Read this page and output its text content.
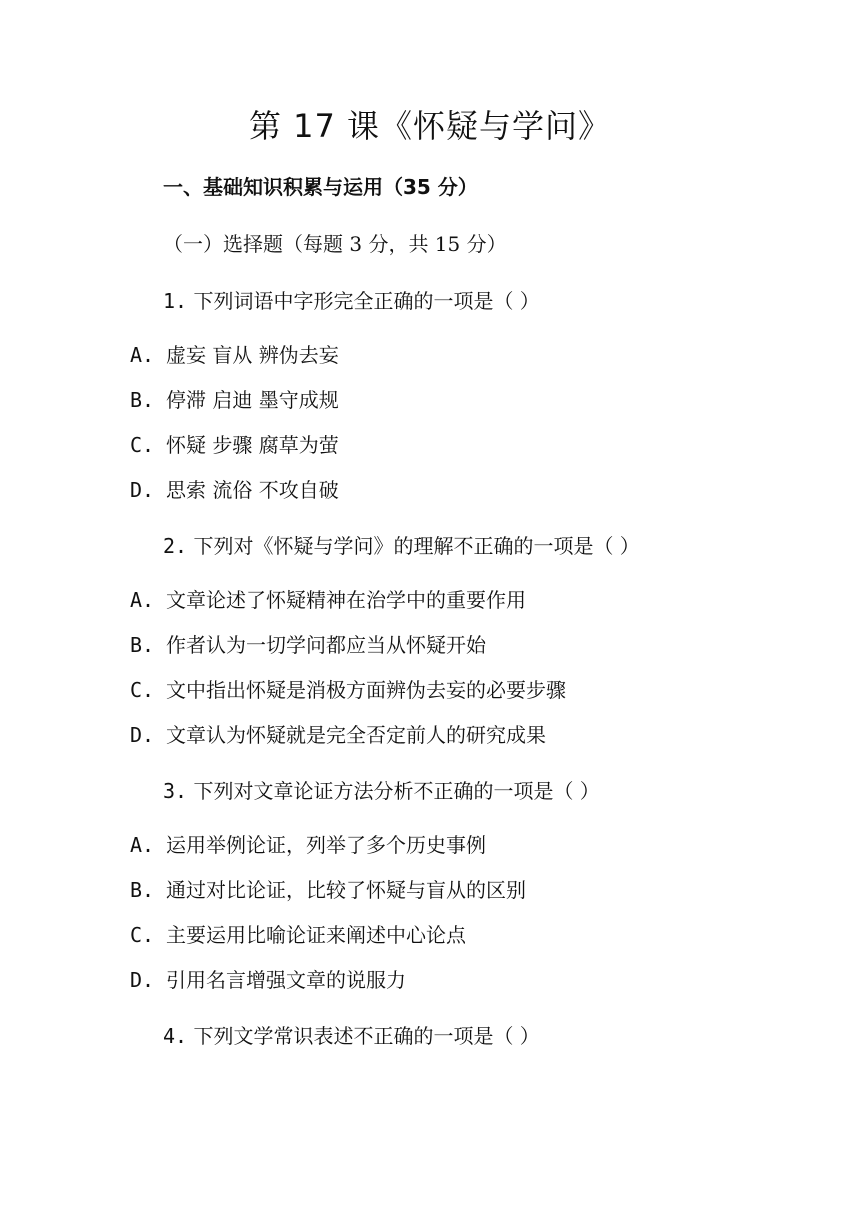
第 17 课《怀疑与学问》
一、基础知识积累与运用（35 分）
（一）选择题（每题 3 分，共 15 分）
1. 下列词语中字形完全正确的一项是（ ）
A. 虚妄 盲从 辨伪去妄
B. 停滞 启迪 墨守成规
C. 怀疑 步骤 腐草为萤
D. 思索 流俗 不攻自破
2. 下列对《怀疑与学问》的理解不正确的一项是（ ）
A. 文章论述了怀疑精神在治学中的重要作用
B. 作者认为一切学问都应当从怀疑开始
C. 文中指出怀疑是消极方面辨伪去妄的必要步骤
D. 文章认为怀疑就是完全否定前人的研究成果
3. 下列对文章论证方法分析不正确的一项是（ ）
A. 运用举例论证，列举了多个历史事例
B. 通过对比论证，比较了怀疑与盲从的区别
C. 主要运用比喻论证来阐述中心论点
D. 引用名言增强文章的说服力
4. 下列文学常识表述不正确的一项是（ ）
